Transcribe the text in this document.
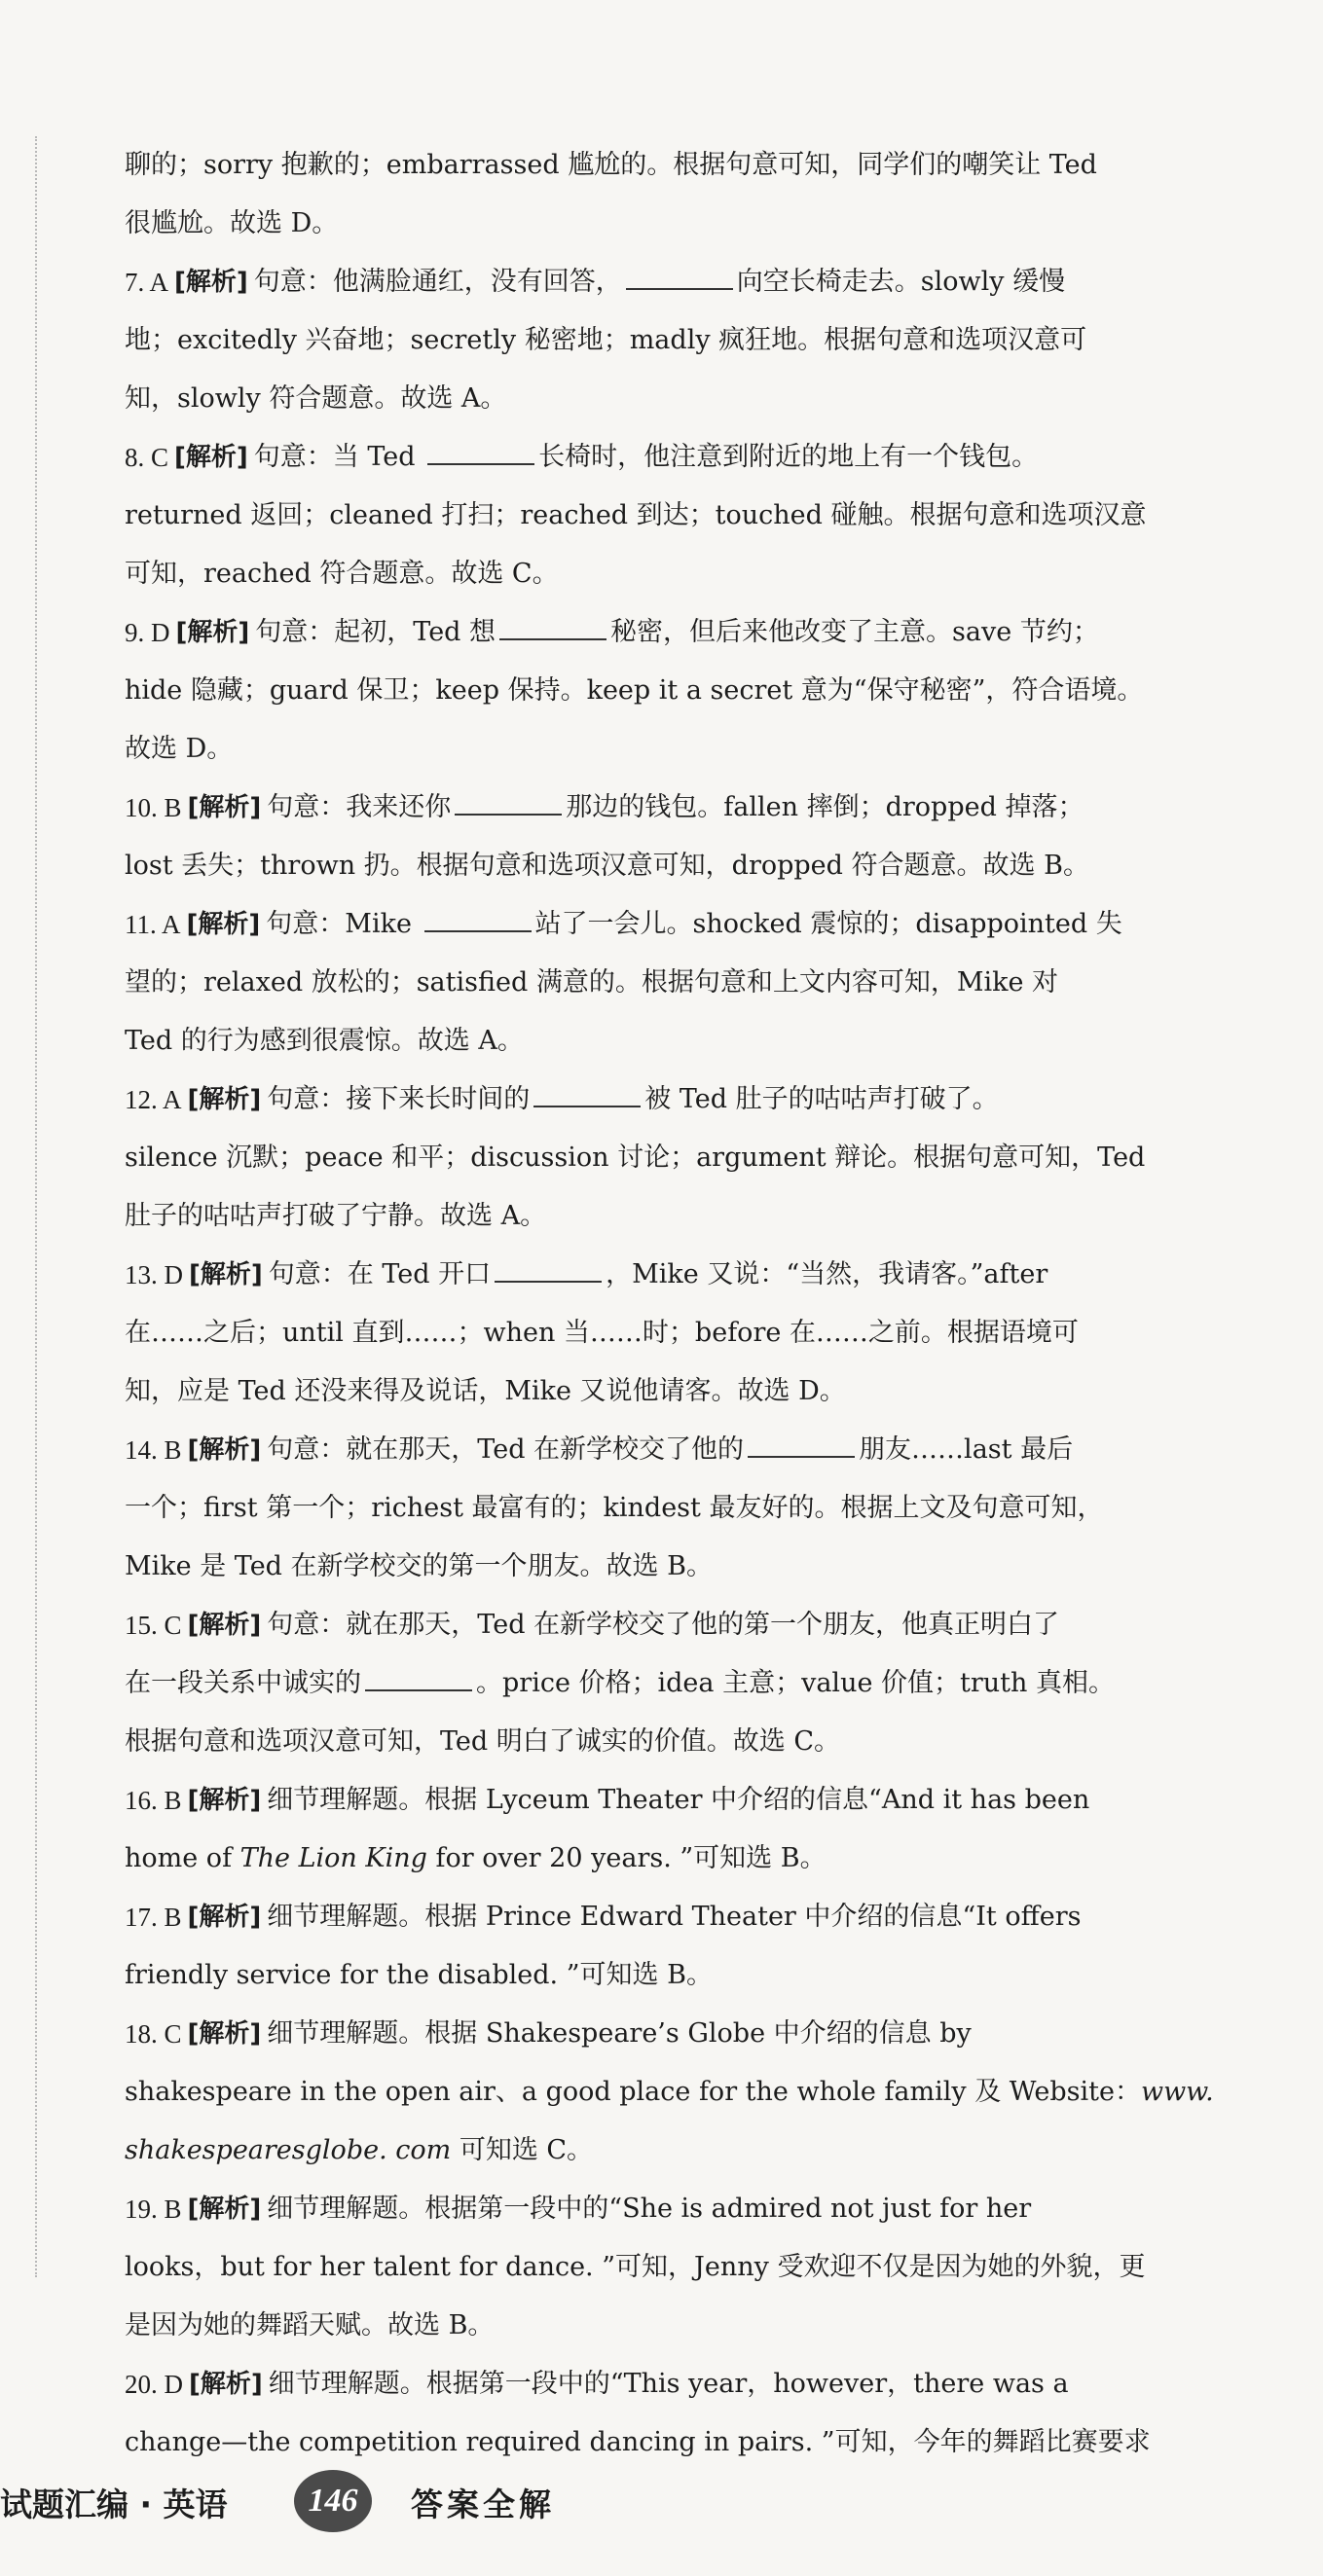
聊的；sorry 抱歉的；embarrassed 尴尬的。根据句意可知，同学们的嘲笑让 Ted
很尴尬。故选 D。
7. A [解析] 句意：他满脸通红，没有回答，	向空长椅走去。slowly 缓慢
地；excitedly 兴奋地；secretly 秘密地；madly 疯狂地。根据句意和选项汉意可
知，slowly 符合题意。故选 A。
8. C [解析] 句意：当 Ted	长椅时，他注意到附近的地上有一个钱包。
returned 返回；cleaned 打扫；reached 到达；touched 碰触。根据句意和选项汉意
可知，reached 符合题意。故选 C。
9. D [解析] 句意：起初，Ted 想	秘密，但后来他改变了主意。save 节约；
hide 隐藏；guard 保卫；keep 保持。keep it a secret 意为“保守秘密”，符合语境。
故选 D。
10. B [解析] 句意：我来还你	那边的钱包。fallen 摔倒；dropped 掉落；
lost 丢失；thrown 扔。根据句意和选项汉意可知，dropped 符合题意。故选 B。
11. A [解析] 句意：Mike	站了一会儿。shocked 震惊的；disappointed 失
望的；relaxed 放松的；satisfied 满意的。根据句意和上文内容可知，Mike 对
Ted 的行为感到很震惊。故选 A。
12. A [解析] 句意：接下来长时间的	被 Ted 肚子的咕咕声打破了。
silence 沉默；peace 和平；discussion 讨论；argument 辩论。根据句意可知，Ted
肚子的咕咕声打破了宁静。故选 A。
13. D [解析] 句意：在 Ted 开口	，Mike 又说：“当然，我请客。”after
在……之后；until 直到……；when 当……时；before 在……之前。根据语境可
知，应是 Ted 还没来得及说话，Mike 又说他请客。故选 D。
14. B [解析] 句意：就在那天，Ted 在新学校交了他的	朋友……last 最后
一个；first 第一个；richest 最富有的；kindest 最友好的。根据上文及句意可知，
Mike 是 Ted 在新学校交的第一个朋友。故选 B。
15. C [解析] 句意：就在那天，Ted 在新学校交了他的第一个朋友，他真正明白了
在一段关系中诚实的	。price 价格；idea 主意；value 价值；truth 真相。
根据句意和选项汉意可知，Ted 明白了诚实的价值。故选 C。
16. B [解析] 细节理解题。根据 Lyceum Theater 中介绍的信息“And it has been
home of The Lion King for over 20 years. ”可知选 B。
17. B [解析] 细节理解题。根据 Prince Edward Theater 中介绍的信息“It offers
friendly service for the disabled. ”可知选 B。
18. C [解析] 细节理解题。根据 Shakespeare’s Globe 中介绍的信息 by
shakespeare in the open air、a good place for the whole family 及 Website：www.
shakespearesglobe. com 可知选 C。
19. B [解析] 细节理解题。根据第一段中的“She is admired not just for her
looks，but for her talent for dance. ”可知，Jenny 受欢迎不仅是因为她的外貌，更
是因为她的舞蹈天赋。故选 B。
20. D [解析] 细节理解题。根据第一段中的“This year，however，there was a
change—the competition required dancing in pairs. ”可知，今年的舞蹈比赛要求
试题汇编 · 英语	146	答案全解
